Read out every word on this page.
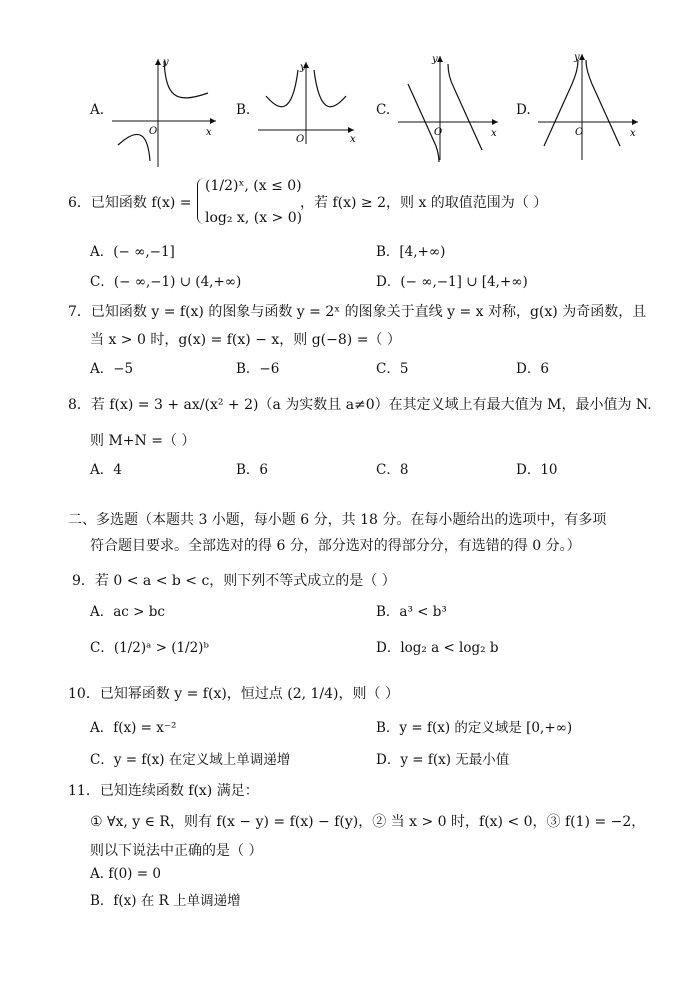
A.
y
x
O
B.
y
x
O
C.
y
x
O
D.
y
x
O
6．已知函数 f(x) =
(1/2)ˣ, (x ≤ 0)
log₂ x, (x > 0)
，若 f(x) ≥ 2，则 x 的取值范围为（ ）
A．(− ∞,−1]	B．[4,+∞)
C．(− ∞,−1) ∪ (4,+∞)	D．(− ∞,−1] ∪ [4,+∞)
7．已知函数 y = f(x) 的图象与函数 y = 2ˣ 的图象关于直线 y = x 对称，g(x) 为奇函数，且
当 x > 0 时，g(x) = f(x) − x，则 g(−8) =（ ）
A．−5	B．−6	C．5	D．6
8．若 f(x) = 3 + ax/(x² + 2)（a 为实数且 a≠0）在其定义域上有最大值为 M，最小值为 N.
则 M+N =（ ）
A．4	B．6	C．8	D．10
二、多选题（本题共 3 小题，每小题 6 分，共 18 分。在每小题给出的选项中，有多项
符合题目要求。全部选对的得 6 分，部分选对的得部分分，有选错的得 0 分。）
9．若 0 < a < b < c，则下列不等式成立的是（ ）
A．ac > bc	B．a³ < b³
C．(1/2)ᵃ > (1/2)ᵇ	D．log₂ a < log₂ b
10．已知幂函数 y = f(x)，恒过点 (2, 1/4)，则（ ）
A．f(x) = x⁻²	B．y = f(x) 的定义域是 [0,+∞)
C．y = f(x) 在定义域上单调递增	D．y = f(x) 无最小值
11．已知连续函数 f(x) 满足：
① ∀x, y ∈ R，则有 f(x − y) = f(x) − f(y)，② 当 x > 0 时，f(x) < 0，③ f(1) = −2，
则以下说法中正确的是（ ）
A. f(0) = 0
B．f(x) 在 R 上单调递增
